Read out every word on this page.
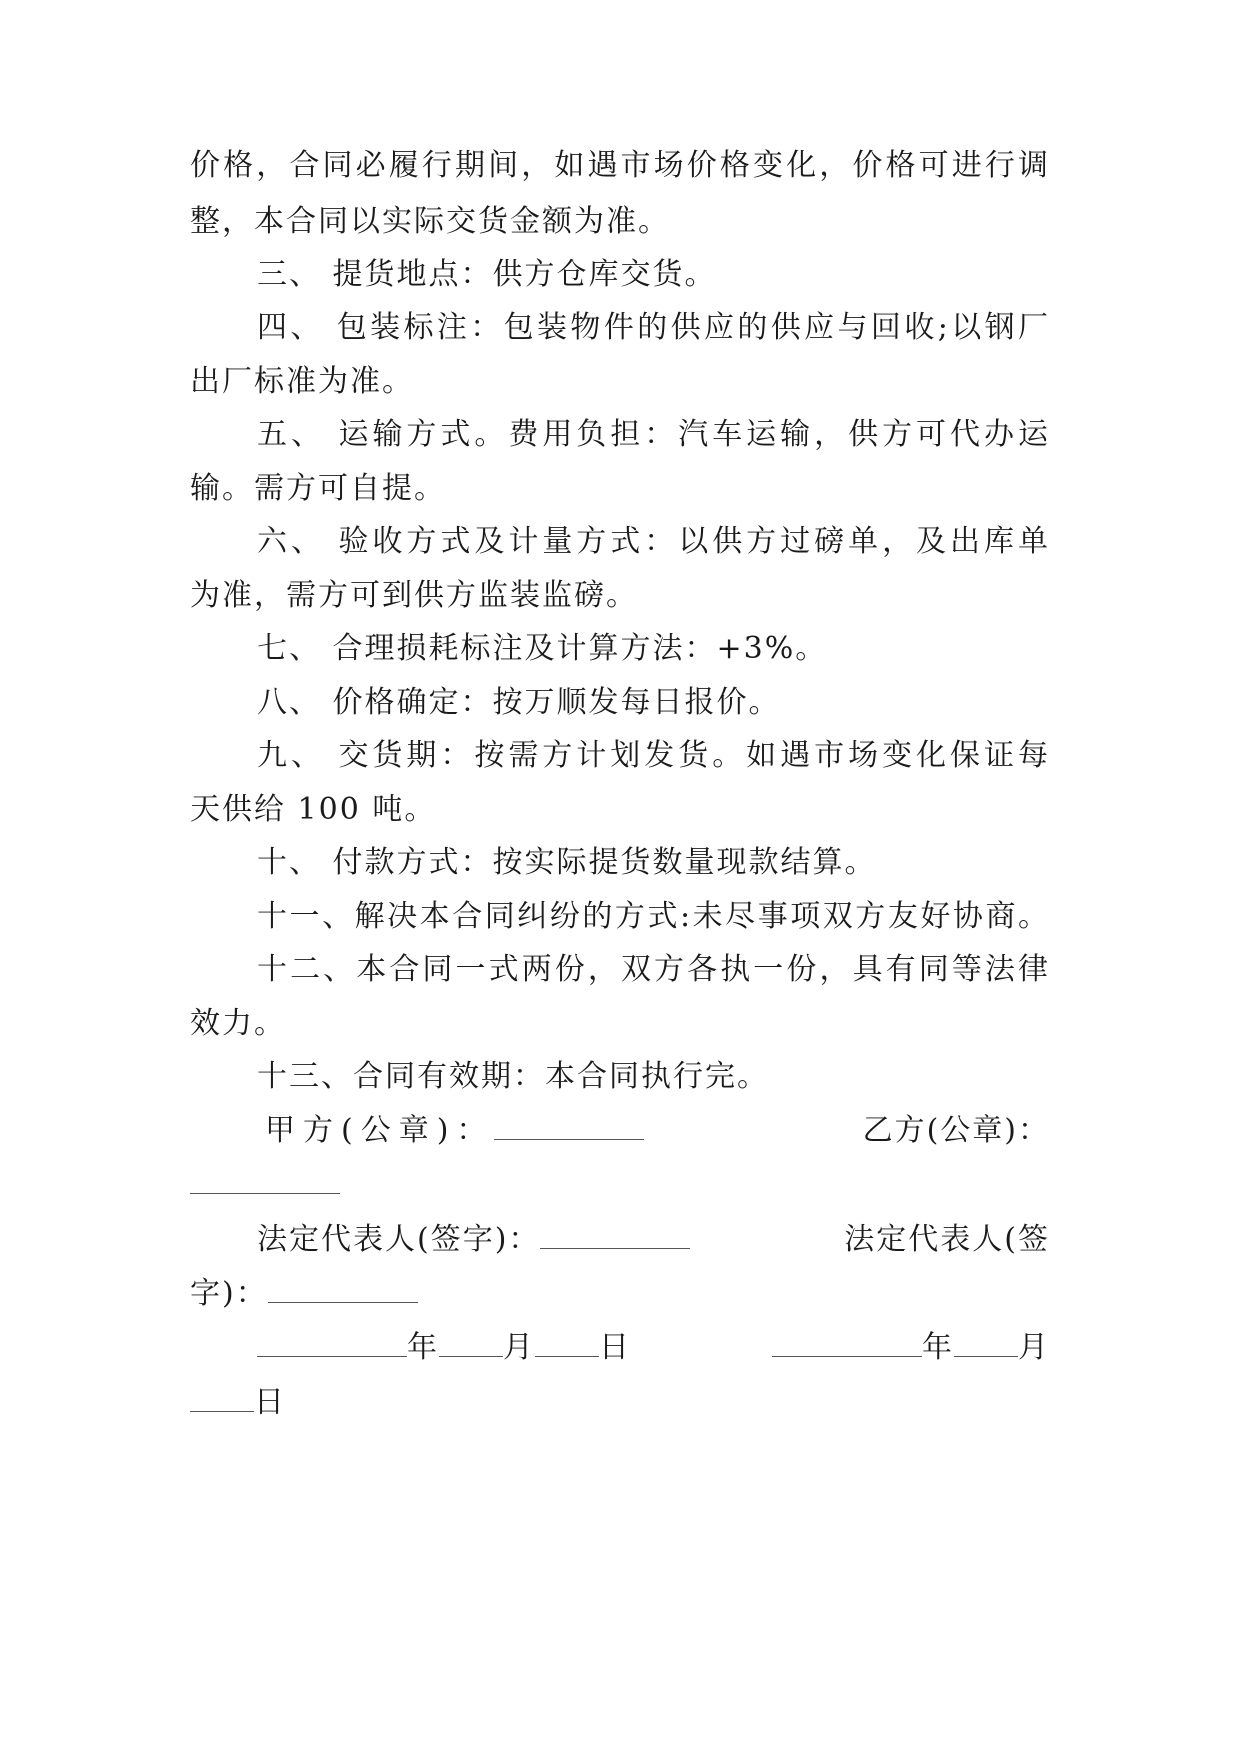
价格，合同必履行期间，如遇市场价格变化，价格可进行调
整，本合同以实际交货金额为准。
三、 提货地点：供方仓库交货。
四、 包装标注：包装物件的供应的供应与回收;以钢厂
出厂标准为准。
五、 运输方式。费用负担：汽车运输，供方可代办运
输。需方可自提。
六、 验收方式及计量方式：以供方过磅单，及出库单
为准，需方可到供方监装监磅。
七、 合理损耗标注及计算方法：+3%。
八、 价格确定：按万顺发每日报价。
九、 交货期：按需方计划发货。如遇市场变化保证每
天供给 100 吨。
十、 付款方式：按实际提货数量现款结算。
十一、解决本合同纠纷的方式:未尽事项双方友好协商。
十二、本合同一式两份，双方各执一份，具有同等法律
效力。
十三、合同有效期：本合同执行完。
甲方(公章)：	乙方(公章)：
法定代表人(签字)：	法定代表人(签
字)：
年 月 日	年 月
日
